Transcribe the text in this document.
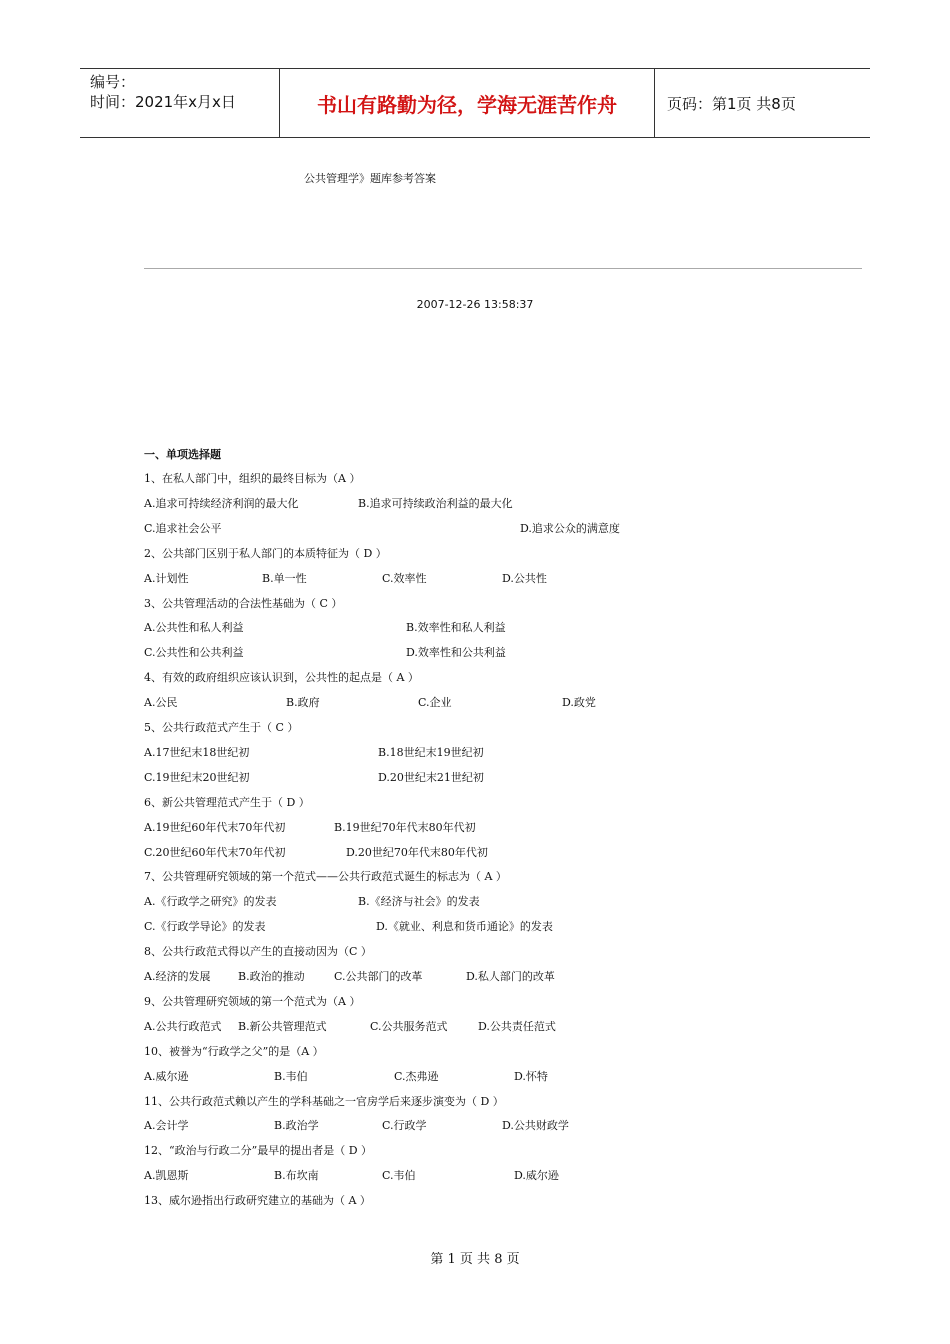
编号：
时间：2021年x月x日	书山有路勤为径，学海无涯苦作舟	页码：第1页 共8页
公共管理学》题库参考答案
2007-12-26 13:58:37
一、单项选择题
1、在私人部门中，组织的最终目标为（A ）
A.追求可持续经济利润的最大化	B.追求可持续政治利益的最大化
C.追求社会公平	D.追求公众的满意度
2、公共部门区别于私人部门的本质特征为（ D ）
A.计划性	B.单一性	C.效率性	D.公共性
3、公共管理活动的合法性基础为（ C ）
A.公共性和私人利益	B.效率性和私人利益
C.公共性和公共利益	D.效率性和公共利益
4、有效的政府组织应该认识到，公共性的起点是（ A ）
A.公民	B.政府	C.企业	D.政党
5、公共行政范式产生于（ C ）
A.17世纪末18世纪初	B.18世纪末19世纪初
C.19世纪末20世纪初	D.20世纪末21世纪初
6、新公共管理范式产生于（ D ）
A.19世纪60年代末70年代初	B.19世纪70年代末80年代初
C.20世纪60年代末70年代初	D.20世纪70年代末80年代初
7、公共管理研究领域的第一个范式——公共行政范式诞生的标志为（ A ）
A.《行政学之研究》的发表	B.《经济与社会》的发表
C.《行政学导论》的发表	D.《就业、利息和货币通论》的发表
8、公共行政范式得以产生的直接动因为（C ）
A.经济的发展	B.政治的推动	C.公共部门的改革	D.私人部门的改革
9、公共管理研究领域的第一个范式为（A ）
A.公共行政范式 B.新公共管理范式	C.公共服务范式	D.公共责任范式
10、被誉为“行政学之父”的是（A ）
A.威尔逊	B.韦伯	C.杰弗逊	D.怀特
11、公共行政范式赖以产生的学科基础之一官房学后来逐步演变为（ D ）
A.会计学	B.政治学	C.行政学	D.公共财政学
12、“政治与行政二分”最早的提出者是（ D ）
A.凯恩斯	B.布坎南	C.韦伯	D.威尔逊
13、威尔逊指出行政研究建立的基础为（ A ）
第 1 页 共 8 页
